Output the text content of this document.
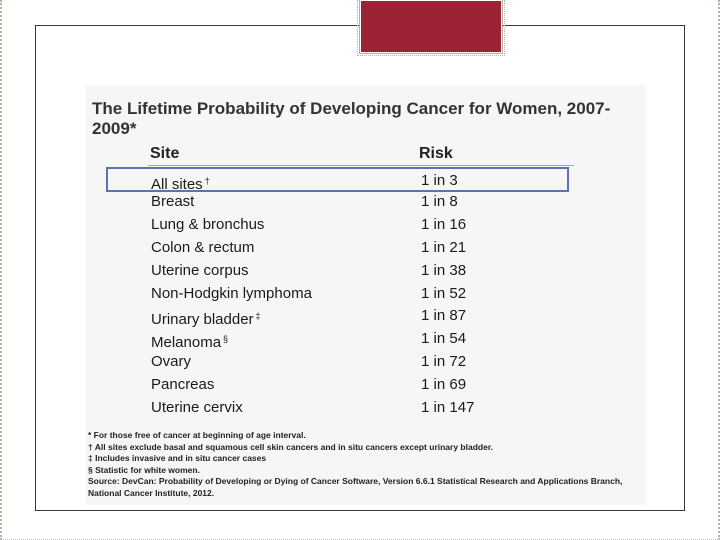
The Lifetime Probability of Developing Cancer for Women, 2007-2009*
Site	Risk
All sites †	1 in 3
Breast	1 in 8
Lung & bronchus	1 in 16
Colon & rectum	1 in 21
Uterine corpus	1 in 38
Non-Hodgkin lymphoma	1 in 52
Urinary bladder ‡	1 in 87
Melanoma §	1 in 54
Ovary	1 in 72
Pancreas	1 in 69
Uterine cervix	1 in 147
* For those free of cancer at beginning of age interval.
† All sites exclude basal and squamous cell skin cancers and in situ cancers except urinary bladder.
‡ Includes invasive and in situ cancer cases
§ Statistic for white women.
Source: DevCan: Probability of Developing or Dying of Cancer Software, Version 6.6.1 Statistical Research and Applications Branch, National Cancer Institute, 2012.
